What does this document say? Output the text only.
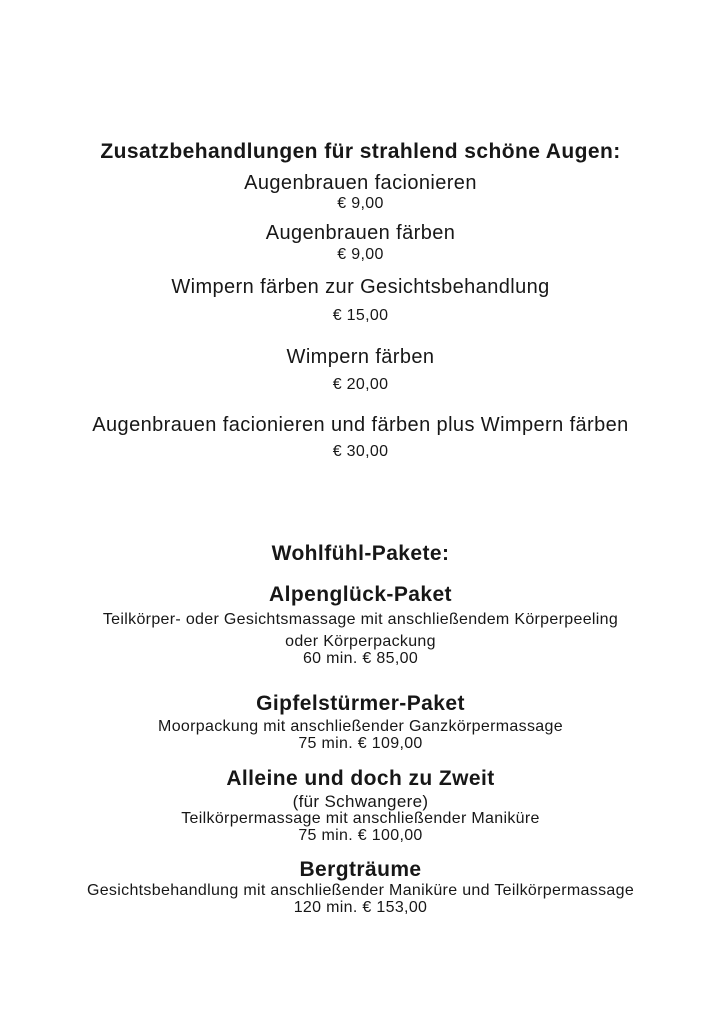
Zusatzbehandlungen für strahlend schöne Augen:
Augenbrauen facionieren
€ 9,00
Augenbrauen färben
€ 9,00
Wimpern färben zur Gesichtsbehandlung
€ 15,00
Wimpern färben
€ 20,00
Augenbrauen facionieren und färben plus Wimpern färben
€ 30,00
Wohlfühl-Pakete:
Alpenglück-Paket
Teilkörper- oder Gesichtsmassage mit anschließendem Körperpeeling
oder Körperpackung
60 min. € 85,00
Gipfelstürmer-Paket
Moorpackung mit anschließender Ganzkörpermassage
75 min. € 109,00
Alleine und doch zu Zweit
(für Schwangere)
Teilkörpermassage mit anschließender Maniküre
75 min. € 100,00
Bergträume
Gesichtsbehandlung mit anschließender Maniküre und Teilkörpermassage
120 min. € 153,00
